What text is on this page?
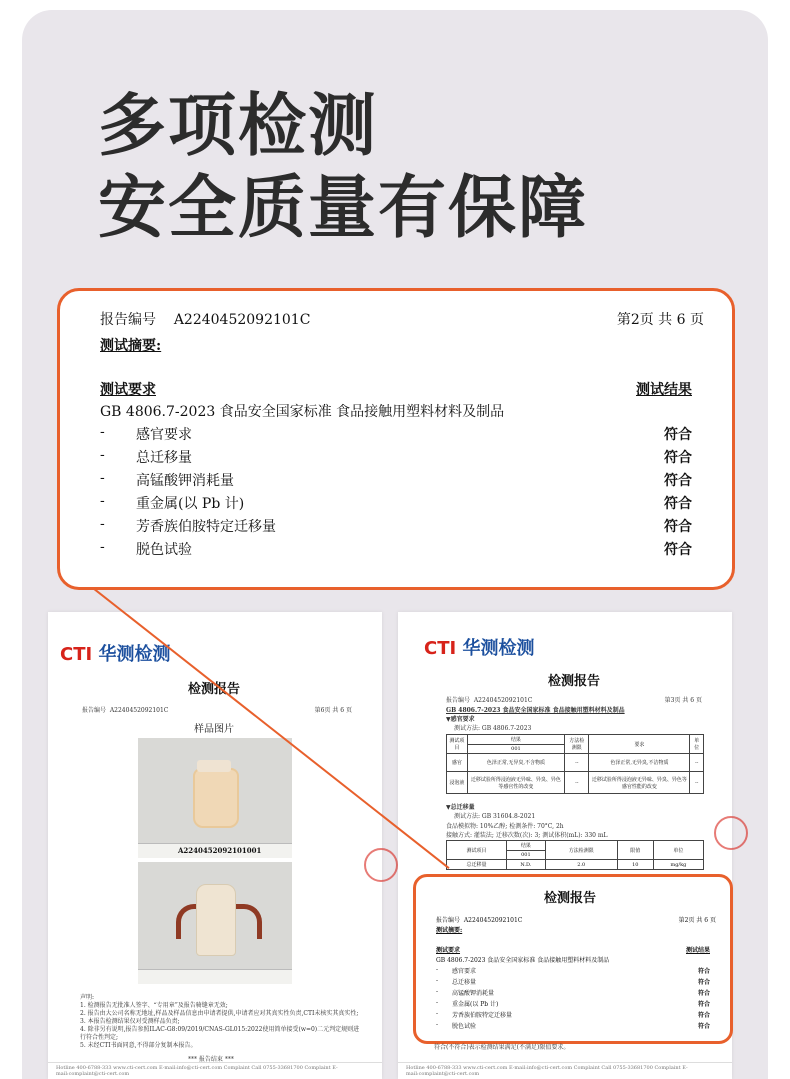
多项检测
安全质量有保障
CTI 华测检测
检测报告
报告编号 A2240452092101C	第6页 共 6 页
样品图片
A2240452092101001
声明:
1. 检测报告无批准人签字、“专用章”及报告骑缝章无效;
2. 报告由大公司名称无地址,样品及样品信息由申请者提供,申请者应对其真实性负责,CTI未核实其真实性;
3. 本报告检测结果仅对受测样品负责;
4. 除非另有说明,报告参照ILAC-G8:09/2019/CNAS-GL015:2022使用简单接受(w=0)二元判定规则进行符合性判定;
5. 未经CTI书面同意,不得部分复制本报告。
*** 报告结束 ***
Hotline 400-6788-333 www.cti-cert.com E-mail:info@cti-cert.com Complaint Call 0755-33681700 Complaint E-mail:complaint@cti-cert.com
CTI 华测检测
检测报告
报告编号 A2240452092101C	第3页 共 6 页
GB 4806.7-2023 食品安全国家标准 食品接触用塑料材料及制品
▼感官要求
测试方法: GB 4806.7-2023
测试项目	结果	方法检测限	要求	单位
	001			
感官	色泽正常,无异臭,不含物质	--	色泽正常,无异臭,不洁物质	--
浸泡液	迁移试验所得浸泡液无异味、异臭、异色等感官性的改变	--	迁移试验所得浸泡液无异味、异臭、异色等感官性能的改变	--
▼总迁移量
测试方法: GB 31604.8-2021
食品模拟物: 10%乙醇; 检测条件: 70°C, 2h
接触方式: 灌装法; 迁移次数(次): 3; 测试体积(mL): 330 mL
测试项目	结果	方法检测限	限值	单位
	001			
总迁移量	N.D.	2.0	10	mg/kg
Hotline 400-6788-333 www.cti-cert.com E-mail:info@cti-cert.com Complaint Call 0755-33681700 Complaint E-mail:complaint@cti-cert.com
报告编号 A2240452092101C	第2页 共 6 页
测试摘要:
测试要求	测试结果
GB 4806.7-2023 食品安全国家标准 食品接触用塑料材料及制品
- 感官要求	符合
- 总迁移量	符合
- 高锰酸钾消耗量	符合
- 重金属(以 Pb 计)	符合
- 芳香族伯胺特定迁移量	符合
- 脱色试验	符合
检测报告
报告编号 A2240452092101C	第2页 共 6 页
测试摘要:
测试要求	测试结果
GB 4806.7-2023 食品安全国家标准 食品接触用塑料材料及制品
- 感官要求	符合
- 总迁移量	符合
- 高锰酸钾消耗量	符合
- 重金属(以 Pb 计)	符合
- 芳香族伯胺特定迁移量	符合
- 脱色试验	符合
符合(不符合)表示检测结果满足(不满足)限值要求。
